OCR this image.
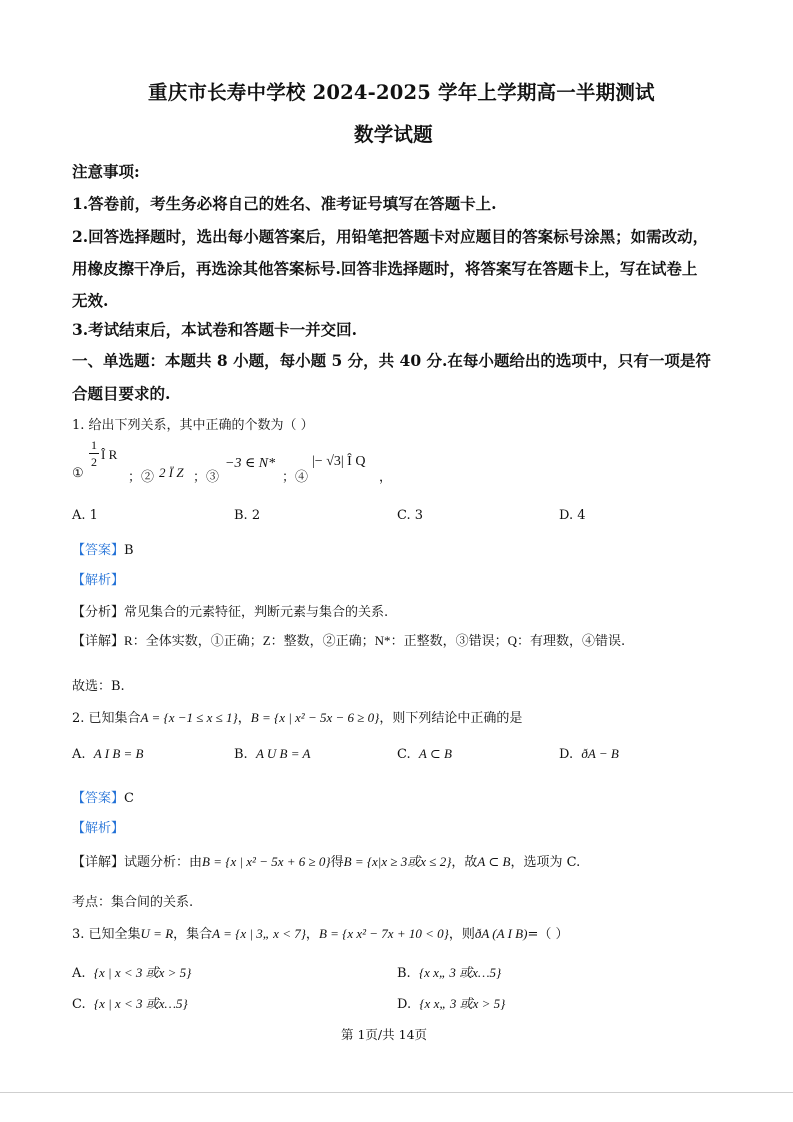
重庆市长寿中学校 2024-2025 学年上学期高一半期测试
数学试题
注意事项:
1.答卷前，考生务必将自己的姓名、准考证号填写在答题卡上.
2.回答选择题时，选出每小题答案后，用铅笔把答题卡对应题目的答案标号涂黑；如需改动，
用橡皮擦干净后，再选涂其他答案标号.回答非选择题时，将答案写在答题卡上，写在试卷上
无效.
3.考试结束后，本试卷和答题卡一并交回.
一、单选题：本题共 8 小题，每小题 5 分，共 40 分.在每小题给出的选项中，只有一项是符
合题目要求的.
1. 给出下列关系，其中正确的个数为（ ）
①
1
2 Î R
；② 2 Ï Z ；③
−3 ∈ N*
；④
|− √3| Î Q
，
A. 1	B. 2	C. 3	D. 4
【答案】B
【解析】
【分析】常见集合的元素特征，判断元素与集合的关系.
【详解】R：全体实数，①正确；Z：整数，②正确；N*：正整数，③错误；Q：有理数，④错误.
故选：B.
2. 已知集合A = {x −1 ≤ x ≤ 1}，B = {x | x² − 5x − 6 ≥ 0}，则下列结论中正确的是
A. A I B = B	B. A U B = A	C. A ⊂ B	D. ðA − B
【答案】C
【解析】
【详解】试题分析：由B = {x | x² − 5x + 6 ≥ 0}得B = {x|x ≥ 3或x ≤ 2}，故A ⊂ B，选项为 C.
考点：集合间的关系.
3. 已知全集U = R，集合A = {x | 3„ x < 7}，B = {x x² − 7x + 10 < 0}，则ðA (A I B)=（ ）
A. {x | x < 3 或x > 5}	B. {x x„ 3 或x…5}
C. {x | x < 3 或x…5}	D. {x x„ 3 或x > 5}
第 1页/共 14页
